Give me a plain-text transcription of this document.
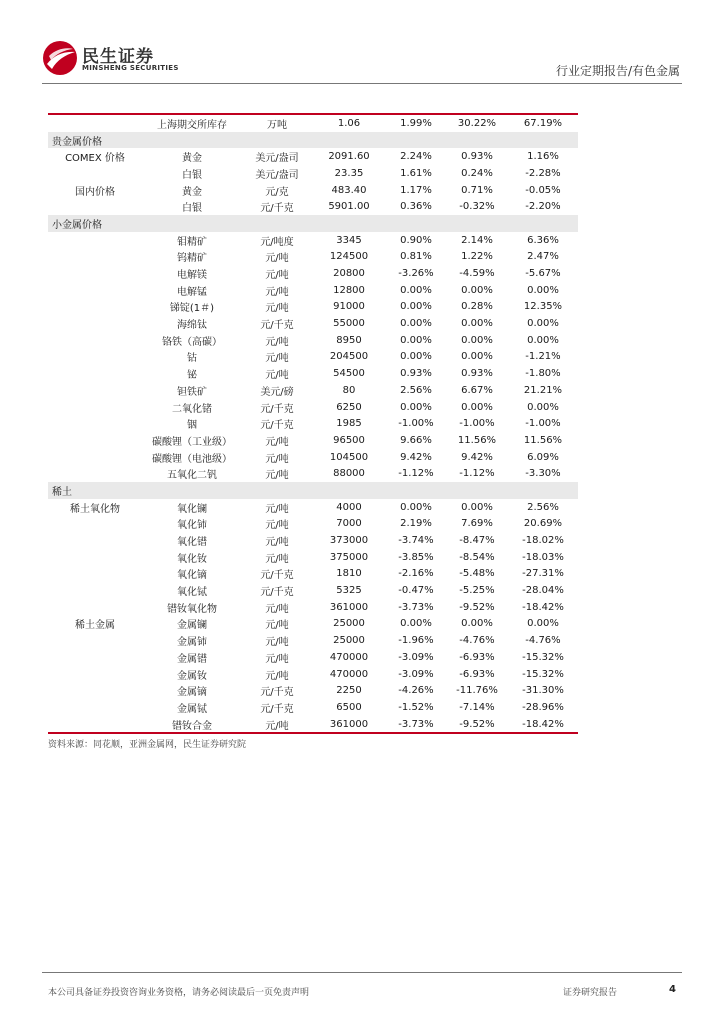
民生证券
MINSHENG SECURITIES	行业定期报告/有色金属
	上海期交所库存	万吨	1.06	1.99%	30.22%	67.19%
贵金属价格						
COMEX 价格	黄金	美元/盎司	2091.60	2.24%	0.93%	1.16%
	白银	美元/盎司	23.35	1.61%	0.24%	-2.28%
国内价格	黄金	元/克	483.40	1.17%	0.71%	-0.05%
	白银	元/千克	5901.00	0.36%	-0.32%	-2.20%
小金属价格						
	钼精矿	元/吨度	3345	0.90%	2.14%	6.36%
	钨精矿	元/吨	124500	0.81%	1.22%	2.47%
	电解镁	元/吨	20800	-3.26%	-4.59%	-5.67%
	电解锰	元/吨	12800	0.00%	0.00%	0.00%
	锑锭(1＃)	元/吨	91000	0.00%	0.28%	12.35%
	海绵钛	元/千克	55000	0.00%	0.00%	0.00%
	铬铁（高碳）	元/吨	8950	0.00%	0.00%	0.00%
	钴	元/吨	204500	0.00%	0.00%	-1.21%
	铋	元/吨	54500	0.93%	0.93%	-1.80%
	钽铁矿	美元/磅	80	2.56%	6.67%	21.21%
	二氧化锗	元/千克	6250	0.00%	0.00%	0.00%
	铟	元/千克	1985	-1.00%	-1.00%	-1.00%
	碳酸锂（工业级）	元/吨	96500	9.66%	11.56%	11.56%
	碳酸锂（电池级）	元/吨	104500	9.42%	9.42%	6.09%
	五氧化二钒	元/吨	88000	-1.12%	-1.12%	-3.30%
稀土						
稀土氧化物	氧化镧	元/吨	4000	0.00%	0.00%	2.56%
	氧化铈	元/吨	7000	2.19%	7.69%	20.69%
	氧化镨	元/吨	373000	-3.74%	-8.47%	-18.02%
	氧化钕	元/吨	375000	-3.85%	-8.54%	-18.03%
	氧化镝	元/千克	1810	-2.16%	-5.48%	-27.31%
	氧化铽	元/千克	5325	-0.47%	-5.25%	-28.04%
	镨钕氧化物	元/吨	361000	-3.73%	-9.52%	-18.42%
稀土金属	金属镧	元/吨	25000	0.00%	0.00%	0.00%
	金属铈	元/吨	25000	-1.96%	-4.76%	-4.76%
	金属镨	元/吨	470000	-3.09%	-6.93%	-15.32%
	金属钕	元/吨	470000	-3.09%	-6.93%	-15.32%
	金属镝	元/千克	2250	-4.26%	-11.76%	-31.30%
	金属铽	元/千克	6500	-1.52%	-7.14%	-28.96%
	镨钕合金	元/吨	361000	-3.73%	-9.52%	-18.42%
资料来源：同花顺，亚洲金属网，民生证券研究院
本公司具备证券投资咨询业务资格，请务必阅读最后一页免责声明	证券研究报告	4
